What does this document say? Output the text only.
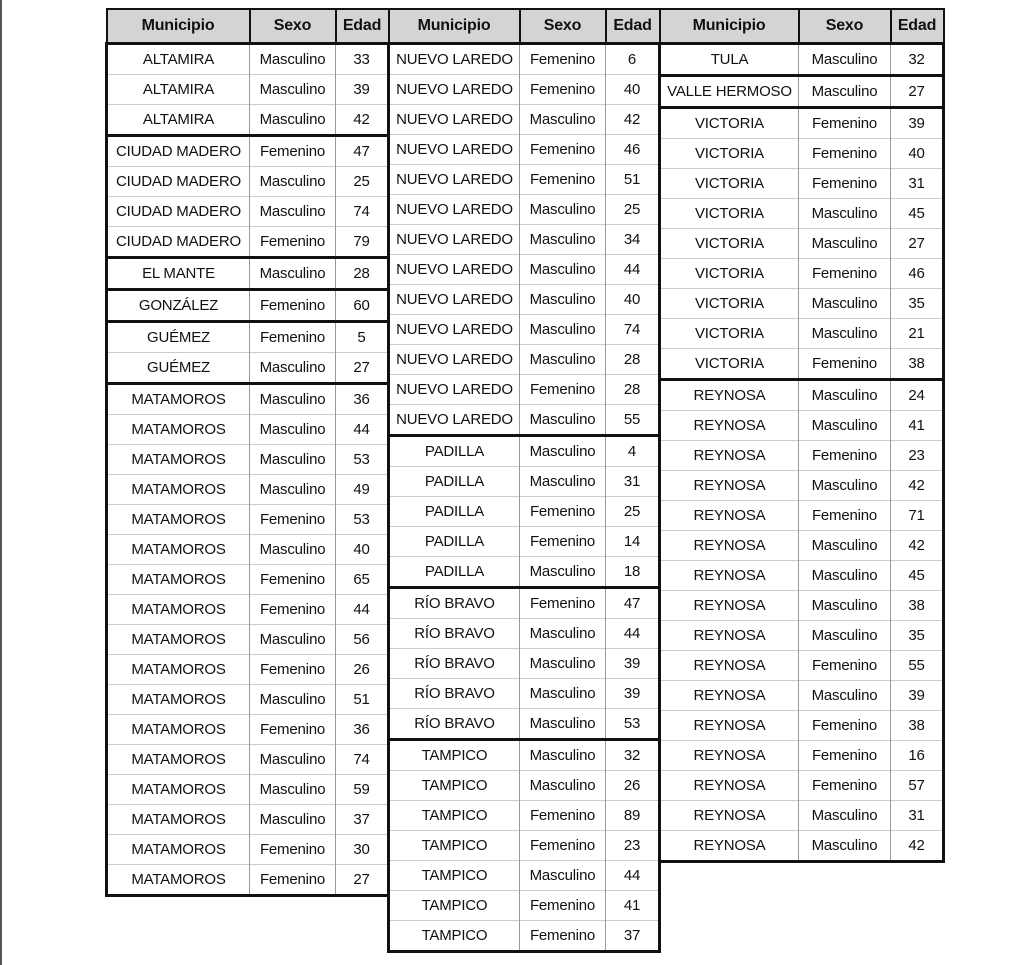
Municipio	Sexo	Edad
ALTAMIRA	Masculino	33
ALTAMIRA	Masculino	39
ALTAMIRA	Masculino	42
CIUDAD MADERO	Femenino	47
CIUDAD MADERO	Masculino	25
CIUDAD MADERO	Masculino	74
CIUDAD MADERO	Femenino	79
EL MANTE	Masculino	28
GONZÁLEZ	Femenino	60
GUÉMEZ	Femenino	5
GUÉMEZ	Masculino	27
MATAMOROS	Masculino	36
MATAMOROS	Masculino	44
MATAMOROS	Masculino	53
MATAMOROS	Masculino	49
MATAMOROS	Femenino	53
MATAMOROS	Masculino	40
MATAMOROS	Femenino	65
MATAMOROS	Femenino	44
MATAMOROS	Masculino	56
MATAMOROS	Femenino	26
MATAMOROS	Masculino	51
MATAMOROS	Femenino	36
MATAMOROS	Masculino	74
MATAMOROS	Masculino	59
MATAMOROS	Masculino	37
MATAMOROS	Femenino	30
MATAMOROS	Femenino	27
Municipio	Sexo	Edad
NUEVO LAREDO	Femenino	6
NUEVO LAREDO	Femenino	40
NUEVO LAREDO	Masculino	42
NUEVO LAREDO	Femenino	46
NUEVO LAREDO	Femenino	51
NUEVO LAREDO	Masculino	25
NUEVO LAREDO	Masculino	34
NUEVO LAREDO	Masculino	44
NUEVO LAREDO	Masculino	40
NUEVO LAREDO	Masculino	74
NUEVO LAREDO	Masculino	28
NUEVO LAREDO	Femenino	28
NUEVO LAREDO	Masculino	55
PADILLA	Masculino	4
PADILLA	Masculino	31
PADILLA	Femenino	25
PADILLA	Femenino	14
PADILLA	Masculino	18
RÍO BRAVO	Femenino	47
RÍO BRAVO	Masculino	44
RÍO BRAVO	Masculino	39
RÍO BRAVO	Masculino	39
RÍO BRAVO	Masculino	53
TAMPICO	Masculino	32
TAMPICO	Masculino	26
TAMPICO	Femenino	89
TAMPICO	Femenino	23
TAMPICO	Masculino	44
TAMPICO	Femenino	41
TAMPICO	Femenino	37
Municipio	Sexo	Edad
TULA	Masculino	32
VALLE HERMOSO	Masculino	27
VICTORIA	Femenino	39
VICTORIA	Femenino	40
VICTORIA	Femenino	31
VICTORIA	Masculino	45
VICTORIA	Masculino	27
VICTORIA	Femenino	46
VICTORIA	Masculino	35
VICTORIA	Masculino	21
VICTORIA	Femenino	38
REYNOSA	Masculino	24
REYNOSA	Masculino	41
REYNOSA	Femenino	23
REYNOSA	Masculino	42
REYNOSA	Femenino	71
REYNOSA	Masculino	42
REYNOSA	Masculino	45
REYNOSA	Masculino	38
REYNOSA	Masculino	35
REYNOSA	Femenino	55
REYNOSA	Masculino	39
REYNOSA	Femenino	38
REYNOSA	Femenino	16
REYNOSA	Femenino	57
REYNOSA	Masculino	31
REYNOSA	Masculino	42
